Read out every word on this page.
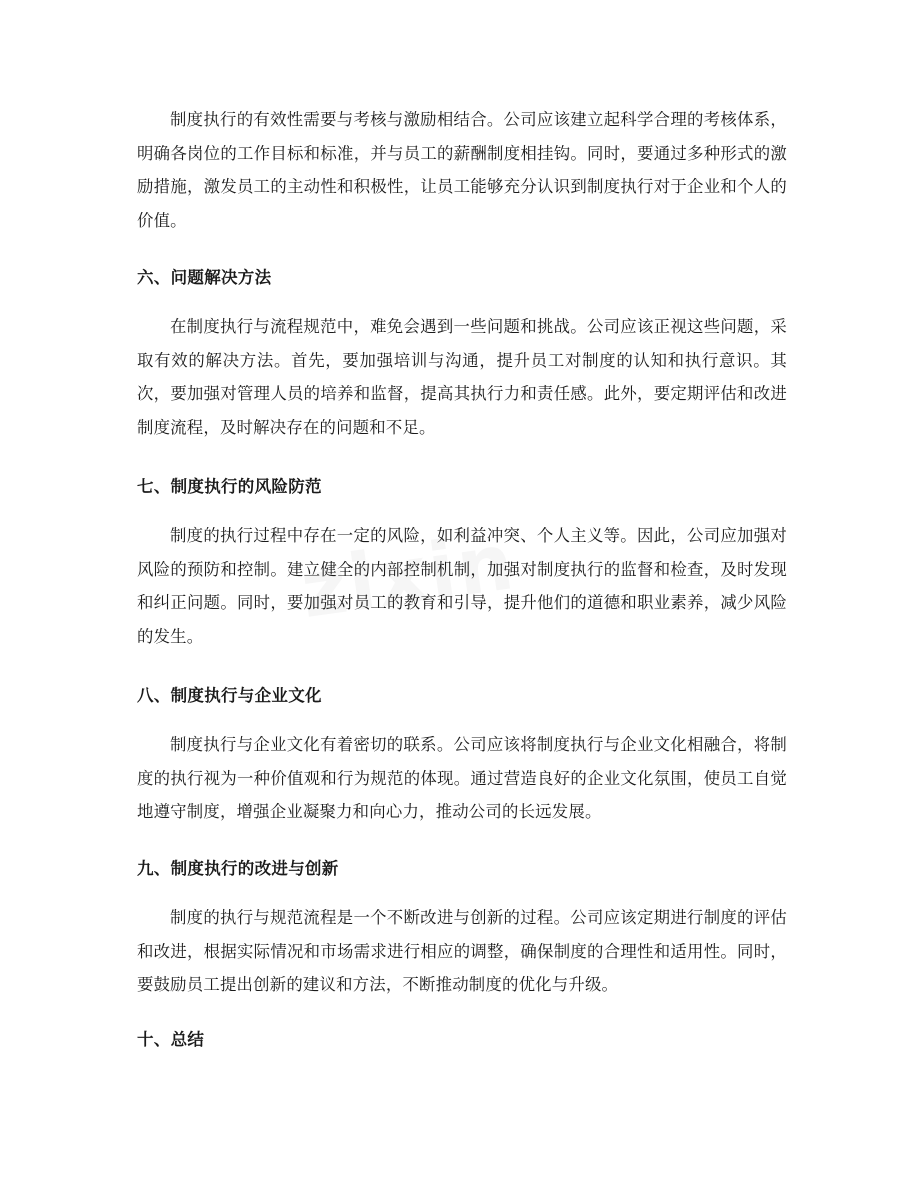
制度执行的有效性需要与考核与激励相结合。公司应该建立起科学合理的考核体系，明确各岗位的工作目标和标准，并与员工的薪酬制度相挂钩。同时，要通过多种形式的激励措施，激发员工的主动性和积极性，让员工能够充分认识到制度执行对于企业和个人的价值。

六、问题解决方法

在制度执行与流程规范中，难免会遇到一些问题和挑战。公司应该正视这些问题，采取有效的解决方法。首先，要加强培训与沟通，提升员工对制度的认知和执行意识。其次，要加强对管理人员的培养和监督，提高其执行力和责任感。此外，要定期评估和改进制度流程，及时解决存在的问题和不足。

七、制度执行的风险防范

制度的执行过程中存在一定的风险，如利益冲突、个人主义等。因此，公司应加强对风险的预防和控制。建立健全的内部控制机制，加强对制度执行的监督和检查，及时发现和纠正问题。同时，要加强对员工的教育和引导，提升他们的道德和职业素养，减少风险的发生。

八、制度执行与企业文化

制度执行与企业文化有着密切的联系。公司应该将制度执行与企业文化相融合，将制度的执行视为一种价值观和行为规范的体现。通过营造良好的企业文化氛围，使员工自觉地遵守制度，增强企业凝聚力和向心力，推动公司的长远发展。

九、制度执行的改进与创新

制度的执行与规范流程是一个不断改进与创新的过程。公司应该定期进行制度的评估和改进，根据实际情况和市场需求进行相应的调整，确保制度的合理性和适用性。同时，要鼓励员工提出创新的建议和方法，不断推动制度的优化与升级。

十、总结
